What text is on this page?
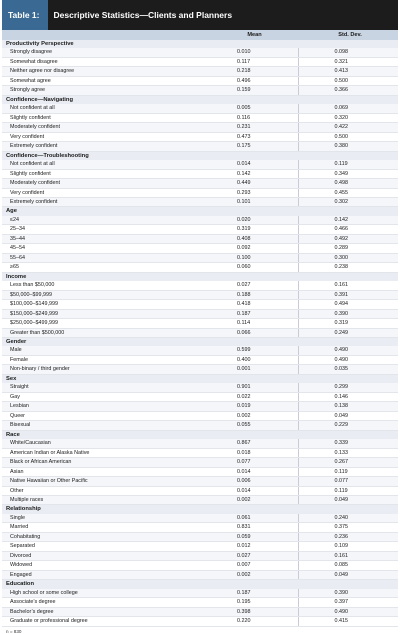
Table 1:	Descriptive Statistics—Clients and Planners
	Mean	Std. Dev.
Productivity Perspective		
Strongly disagree	0.010	0.098
Somewhat disagree	0.117	0.321
Neither agree nor disagree	0.218	0.413
Somewhat agree	0.496	0.500
Strongly agree	0.159	0.366
Confidence—Navigating		
Not confident at all	0.005	0.069
Slightly confident	0.116	0.320
Moderately confident	0.231	0.422
Very confident	0.473	0.500
Extremely confident	0.175	0.380
Confidence—Troubleshooting		
Not confident at all	0.014	0.119
Slightly confident	0.142	0.349
Moderately confident	0.449	0.498
Very confident	0.293	0.455
Extremely confident	0.101	0.302
Age		
≤24	0.020	0.142
25–34	0.319	0.466
35–44	0.408	0.492
45–54	0.092	0.289
55–64	0.100	0.300
≥65	0.060	0.238
Income		
Less than $50,000	0.027	0.161
$50,000–$99,999	0.188	0.391
$100,000–$149,999	0.418	0.494
$150,000–$249,999	0.187	0.390
$250,000–$499,999	0.114	0.319
Greater than $500,000	0.066	0.249
Gender		
Male	0.599	0.490
Female	0.400	0.490
Non-binary / third gender	0.001	0.035
Sex		
Straight	0.901	0.299
Gay	0.022	0.146
Lesbian	0.019	0.138
Queer	0.002	0.049
Bisexual	0.055	0.229
Race		
White/Caucasian	0.867	0.339
American Indian or Alaska Native	0.018	0.133
Black or African American	0.077	0.267
Asian	0.014	0.119
Native Hawaiian or Other Pacific	0.006	0.077
Other	0.014	0.119
Multiple races	0.002	0.049
Relationship		
Single	0.061	0.240
Married	0.831	0.375
Cohabitating	0.059	0.236
Separated	0.012	0.109
Divorced	0.027	0.161
Widowed	0.007	0.085
Engaged	0.002	0.049
Education		
High school or some college	0.187	0.390
Associate’s degree	0.195	0.397
Bachelor’s degree	0.398	0.490
Graduate or professional degree	0.220	0.415
n = 830
